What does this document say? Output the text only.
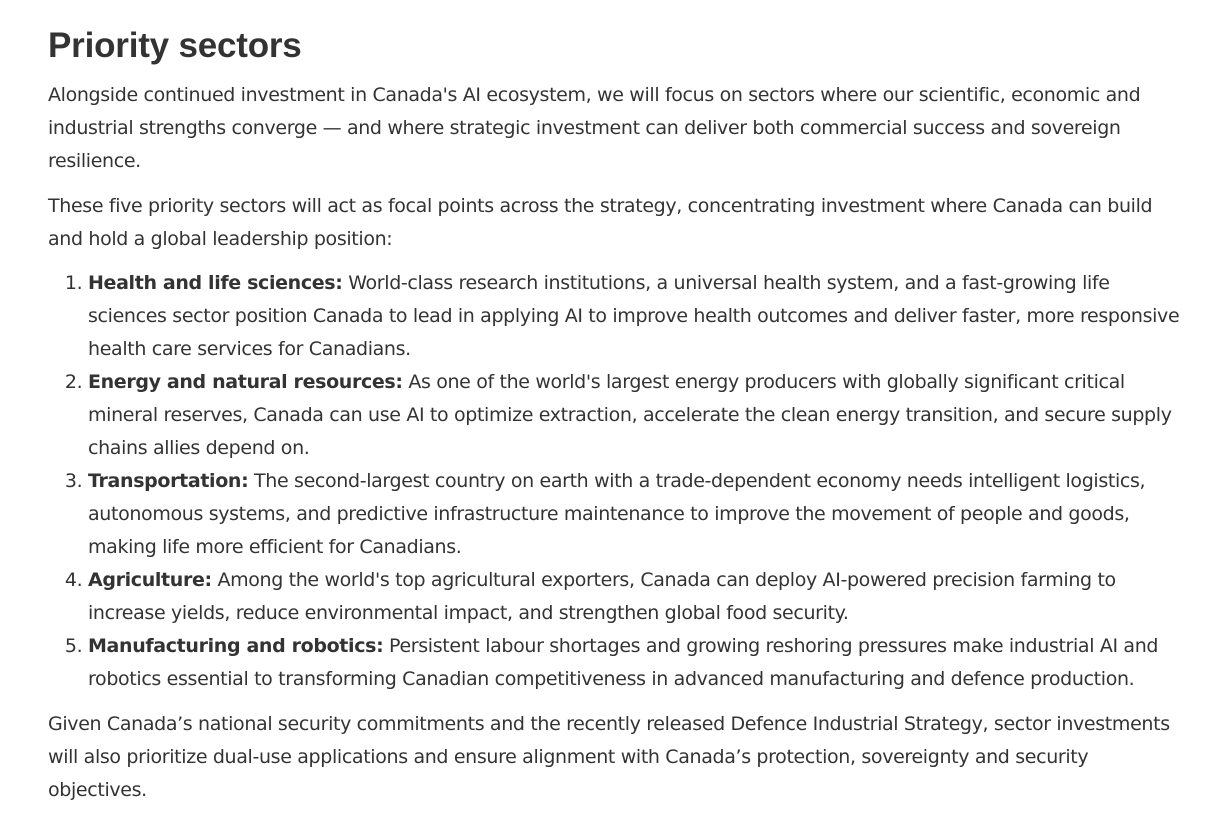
Priority sectors

Alongside continued investment in Canada's AI ecosystem, we will focus on sectors where our scientific, economic and industrial strengths converge — and where strategic investment can deliver both commercial success and sovereign resilience.

These five priority sectors will act as focal points across the strategy, concentrating investment where Canada can build and hold a global leadership position:

1. Health and life sciences: World-class research institutions, a universal health system, and a fast-growing life sciences sector position Canada to lead in applying AI to improve health outcomes and deliver faster, more responsive health care services for Canadians.
2. Energy and natural resources: As one of the world's largest energy producers with globally significant critical mineral reserves, Canada can use AI to optimize extraction, accelerate the clean energy transition, and secure supply chains allies depend on.
3. Transportation: The second-largest country on earth with a trade-dependent economy needs intelligent logistics, autonomous systems, and predictive infrastructure maintenance to improve the movement of people and goods, making life more efficient for Canadians.
4. Agriculture: Among the world's top agricultural exporters, Canada can deploy AI-powered precision farming to increase yields, reduce environmental impact, and strengthen global food security.
5. Manufacturing and robotics: Persistent labour shortages and growing reshoring pressures make industrial AI and robotics essential to transforming Canadian competitiveness in advanced manufacturing and defence production.

Given Canada’s national security commitments and the recently released Defence Industrial Strategy, sector investments will also prioritize dual-use applications and ensure alignment with Canada’s protection, sovereignty and security objectives.
